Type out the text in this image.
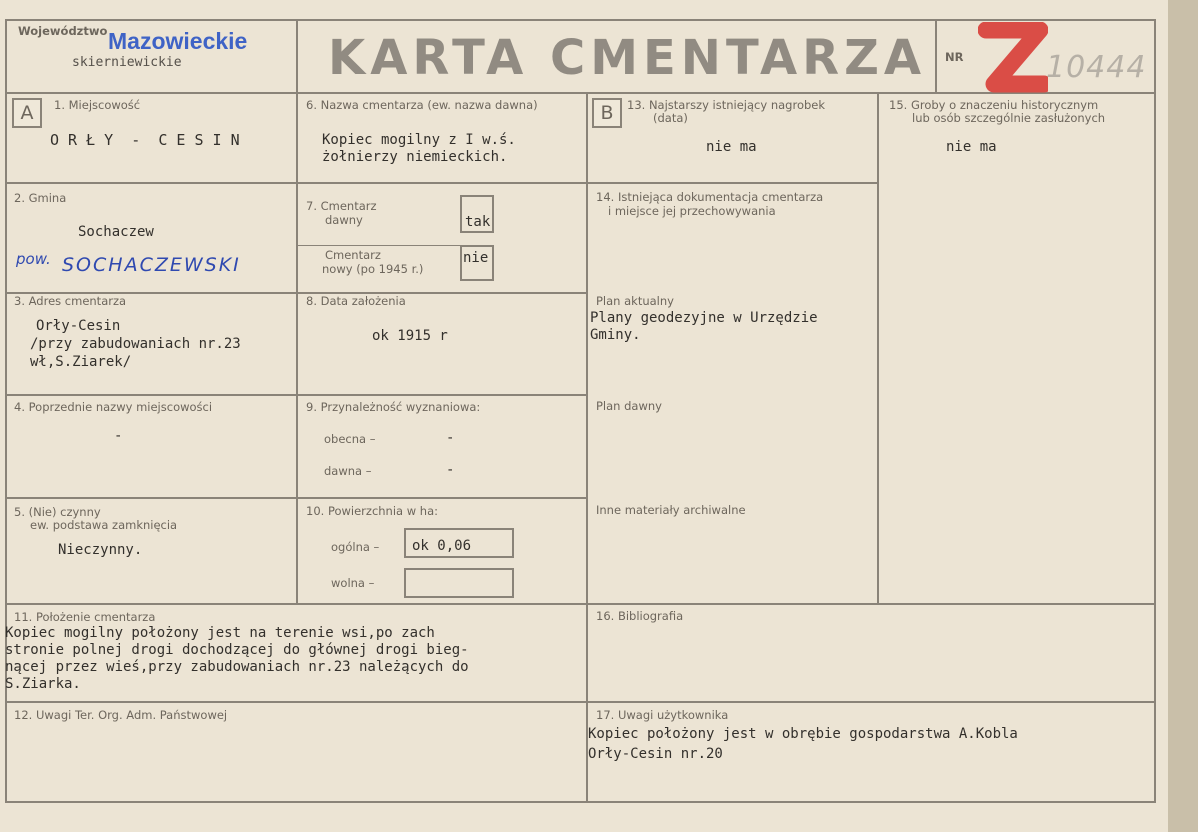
Województwo Mazowieckie
skierniewickie	KARTA CMENTARZA NR	10444
A	1. Miejscowość
O R Ł Y  -  C E S I N
2. Gmina
Sochaczew
pow. SOCHACZEWSKI
3. Adres cmentarza
Orły-Cesin
/przy zabudowaniach nr.23
wł,S.Ziarek/
4. Poprzednie nazwy miejscowości
-
5. (Nie) czynny
ew. podstawa zamknięcia
Nieczynny.
6. Nazwa cmentarza (ew. nazwa dawna)
Kopiec mogilny z I w.ś.
żołnierzy niemieckich.
7. Cmentarz
dawny	tak
Cmentarz
nowy (po 1945 r.)
nie
8. Data założenia
ok 1915 r
9. Przynależność wyznaniowa:
obecna –	-
dawna –	-
10. Powierzchnia w ha:
ogólna – ok 0,06
wolna –
B	13. Najstarszy istniejący nagrobek
(data)
nie ma
14. Istniejąca dokumentacja cmentarza
i miejsce jej przechowywania
Plan aktualny
Plany geodezyjne w Urzędzie
Gminy.
Plan dawny
Inne materiały archiwalne
15. Groby o znaczeniu historycznym
lub osób szczególnie zasłużonych
nie ma
11. Położenie cmentarza
Kopiec mogilny położony jest na terenie wsi,po zach
stronie polnej drogi dochodzącej do głównej drogi bieg-
nącej przez wieś,przy zabudowaniach nr.23 należących do
S.Ziarka.
16. Bibliografia
12. Uwagi Ter. Org. Adm. Państwowej	17. Uwagi użytkownika
Kopiec położony jest w obrębie gospodarstwa A.Kobla
Orły-Cesin nr.20
